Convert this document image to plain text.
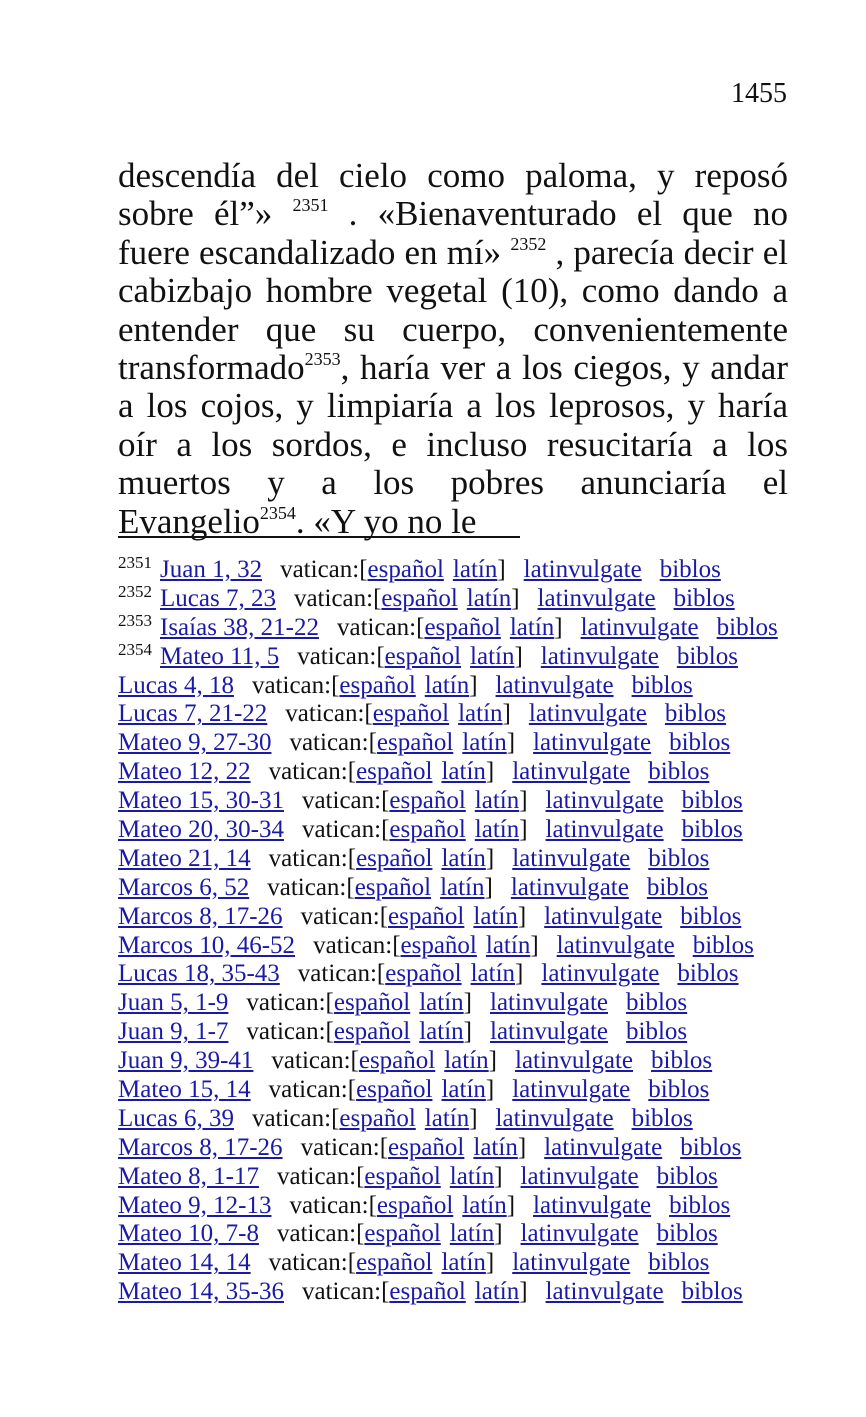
1455
descendía del cielo como paloma, y reposó sobre él”» $^{2351}$ . «Bienaventurado el que no fuere escandalizado en mí» $^{2352}$ , parecía decir el cabizbajo hombre vegetal (10), como dando a entender que su cuerpo, convenientemente transformado$^{2353}$, haría ver a los ciegos, y andar a los cojos, y limpiaría a los leprosos, y haría oír a los sordos, e incluso resucitaría a los muertos y a los pobres anunciaría el Evangelio$^{2354}$. «Y yo no le
$^{2351}$ Juan 1, 32 vatican:[español latín] latinvulgate biblos
$^{2352}$ Lucas 7, 23 vatican:[español latín] latinvulgate biblos
$^{2353}$ Isaías 38, 21-22 vatican:[español latín] latinvulgate biblos
$^{2354}$ Mateo 11, 5 vatican:[español latín] latinvulgate biblos
Lucas 4, 18 vatican:[español latín] latinvulgate biblos
Lucas 7, 21-22 vatican:[español latín] latinvulgate biblos
Mateo 9, 27-30 vatican:[español latín] latinvulgate biblos
Mateo 12, 22 vatican:[español latín] latinvulgate biblos
Mateo 15, 30-31 vatican:[español latín] latinvulgate biblos
Mateo 20, 30-34 vatican:[español latín] latinvulgate biblos
Mateo 21, 14 vatican:[español latín] latinvulgate biblos
Marcos 6, 52 vatican:[español latín] latinvulgate biblos
Marcos 8, 17-26 vatican:[español latín] latinvulgate biblos
Marcos 10, 46-52 vatican:[español latín] latinvulgate biblos
Lucas 18, 35-43 vatican:[español latín] latinvulgate biblos
Juan 5, 1-9 vatican:[español latín] latinvulgate biblos
Juan 9, 1-7 vatican:[español latín] latinvulgate biblos
Juan 9, 39-41 vatican:[español latín] latinvulgate biblos
Mateo 15, 14 vatican:[español latín] latinvulgate biblos
Lucas 6, 39 vatican:[español latín] latinvulgate biblos
Marcos 8, 17-26 vatican:[español latín] latinvulgate biblos
Mateo 8, 1-17 vatican:[español latín] latinvulgate biblos
Mateo 9, 12-13 vatican:[español latín] latinvulgate biblos
Mateo 10, 7-8 vatican:[español latín] latinvulgate biblos
Mateo 14, 14 vatican:[español latín] latinvulgate biblos
Mateo 14, 35-36 vatican:[español latín] latinvulgate biblos
